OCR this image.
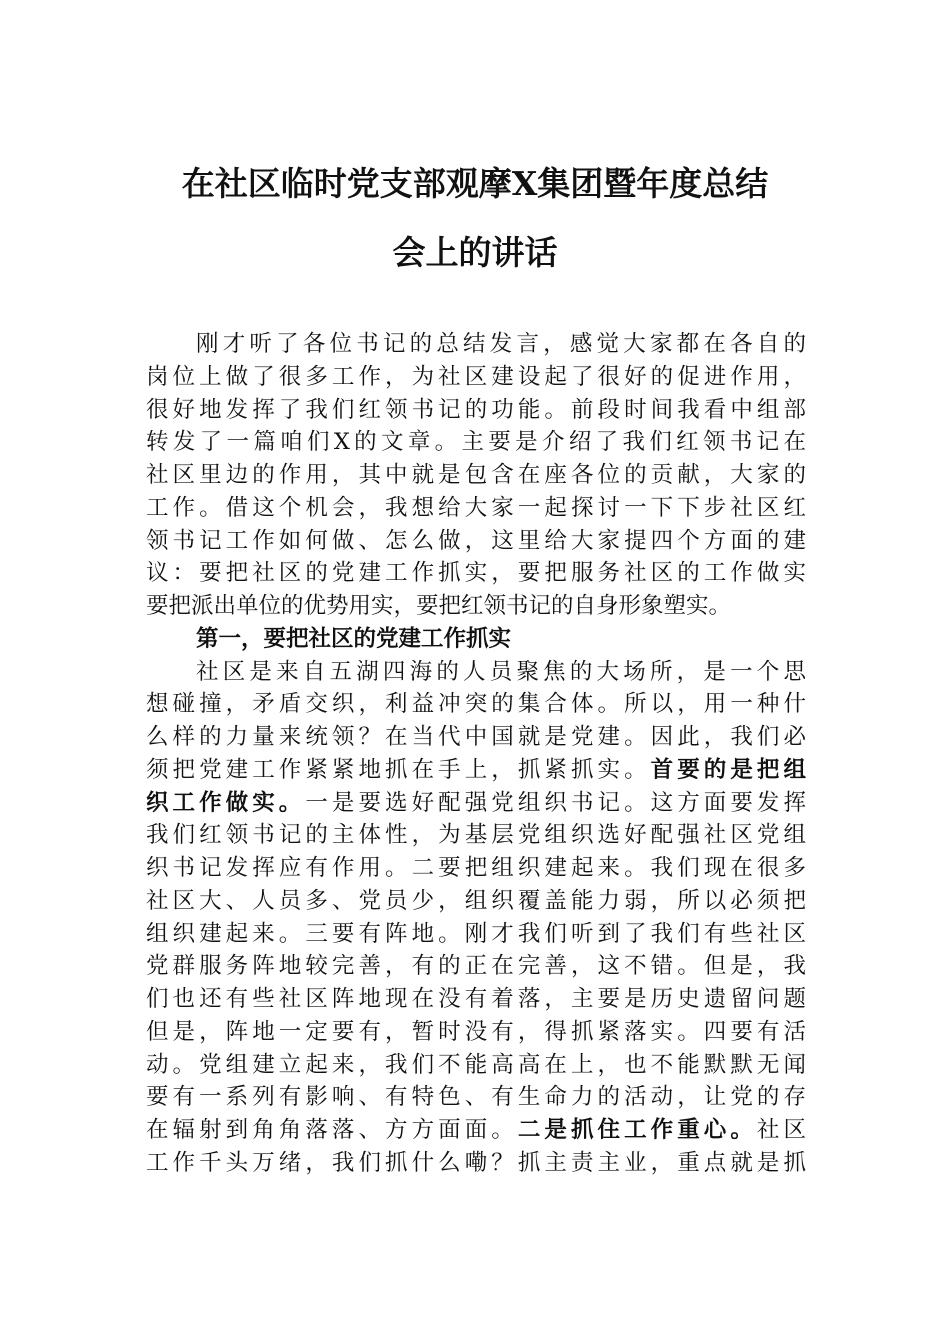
在社区临时党支部观摩X集团暨年度总结
会上的讲话
刚才听了各位书记的总结发言，感觉大家都在各自的
岗位上做了很多工作，为社区建设起了很好的促进作用，
很好地发挥了我们红领书记的功能。前段时间我看中组部
转发了一篇咱们X的文章。主要是介绍了我们红领书记在
社区里边的作用，其中就是包含在座各位的贡献，大家的
工作。借这个机会，我想给大家一起探讨一下下步社区红
领书记工作如何做、怎么做，这里给大家提四个方面的建
议：要把社区的党建工作抓实，要把服务社区的工作做实
要把派出单位的优势用实，要把红领书记的自身形象塑实。
第一，要把社区的党建工作抓实
社区是来自五湖四海的人员聚焦的大场所，是一个思
想碰撞，矛盾交织，利益冲突的集合体。所以，用一种什
么样的力量来统领？在当代中国就是党建。因此，我们必
须把党建工作紧紧地抓在手上，抓紧抓实。首要的是把组
织工作做实。一是要选好配强党组织书记。这方面要发挥
我们红领书记的主体性，为基层党组织选好配强社区党组
织书记发挥应有作用。二要把组织建起来。我们现在很多
社区大、人员多、党员少，组织覆盖能力弱，所以必须把
组织建起来。三要有阵地。刚才我们听到了我们有些社区
党群服务阵地较完善，有的正在完善，这不错。但是，我
们也还有些社区阵地现在没有着落，主要是历史遗留问题
但是，阵地一定要有，暂时没有，得抓紧落实。四要有活
动。党组建立起来，我们不能高高在上，也不能默默无闻
要有一系列有影响、有特色、有生命力的活动，让党的存
在辐射到角角落落、方方面面。二是抓住工作重心。社区
工作千头万绪，我们抓什么嘞？抓主责主业，重点就是抓
